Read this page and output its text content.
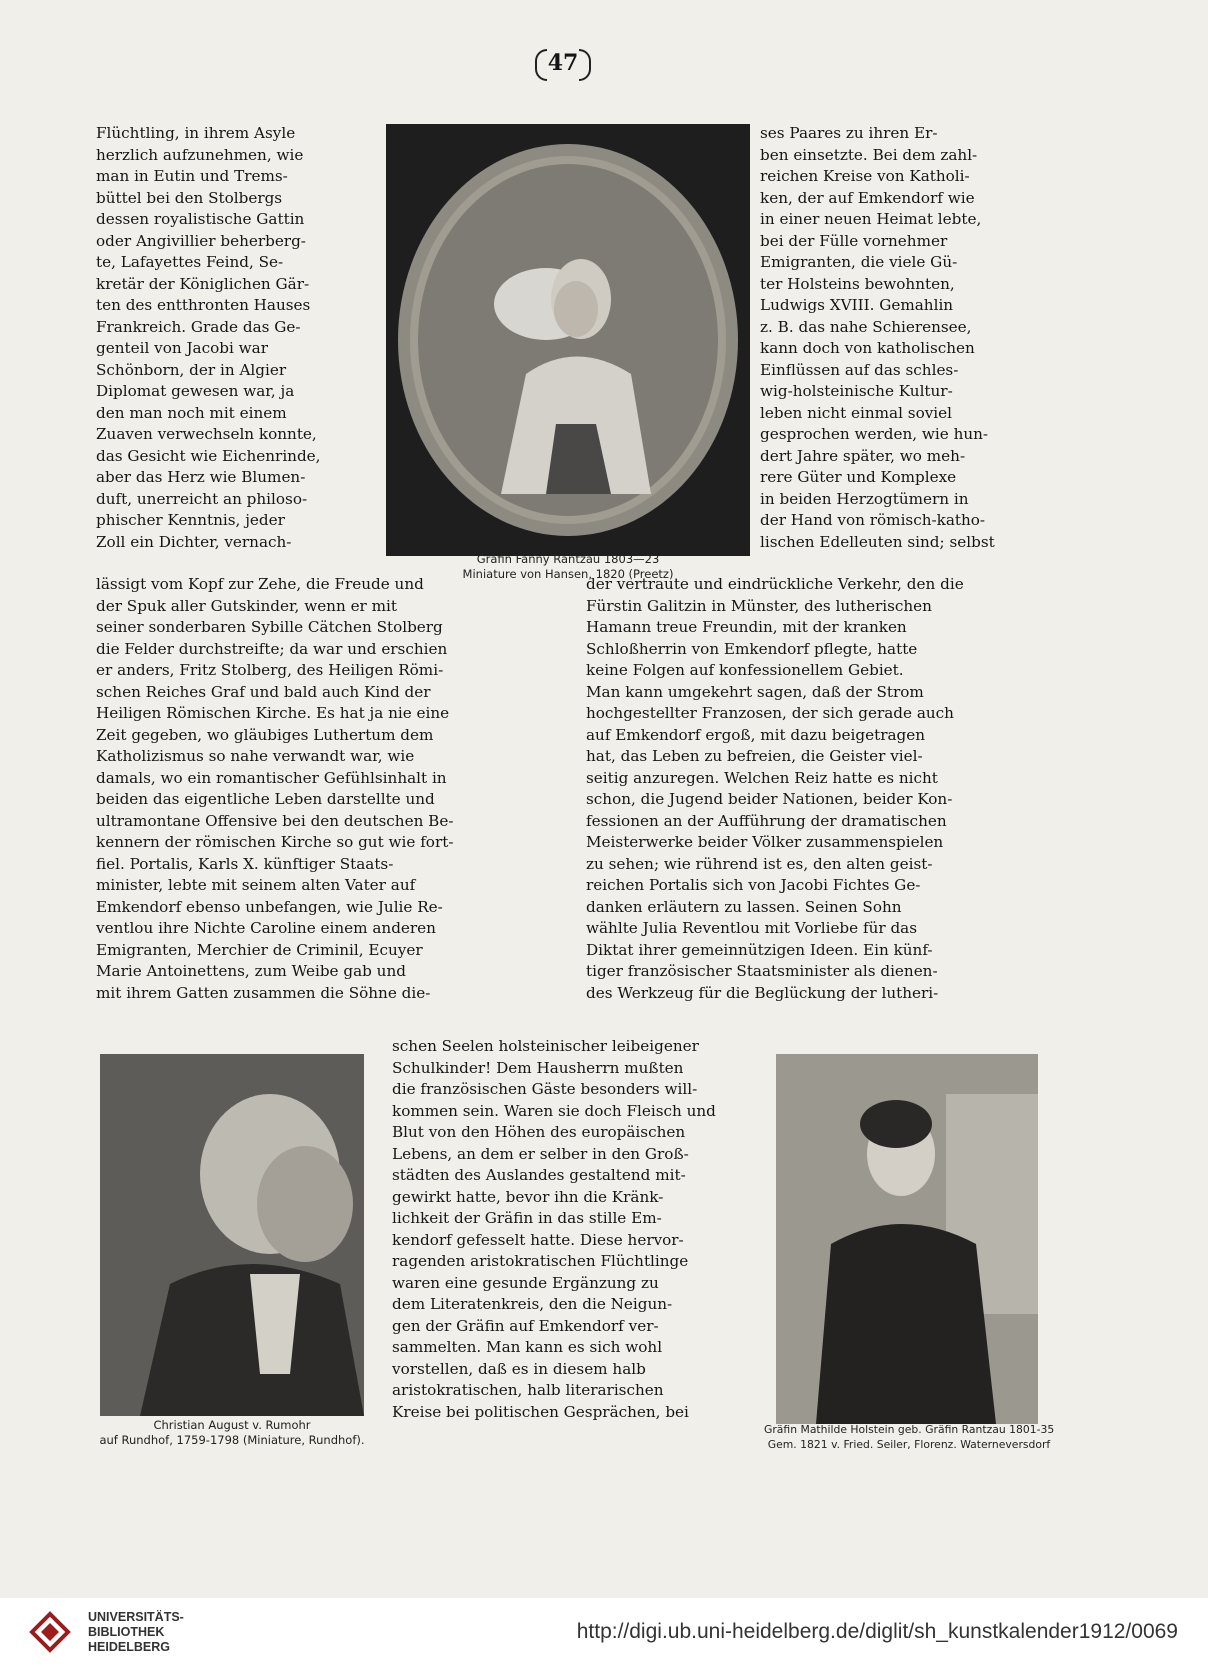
47
Gräfin Fanny Rantzau 1803—23
Miniature von Hansen, 1820 (Preetz)
Flüchtling, in ihrem Asyle
herzlich aufzunehmen, wie
man in Eutin und Trems-
büttel bei den Stolbergs
dessen royalistische Gattin
oder Angivillier beherberg-
te, Lafayettes Feind, Se-
kretär der Königlichen Gär-
ten des entthronten Hauses
Frankreich. Grade das Ge-
genteil von Jacobi war
Schönborn, der in Algier
Diplomat gewesen war, ja
den man noch mit einem
Zuaven verwechseln konnte,
das Gesicht wie Eichenrinde,
aber das Herz wie Blumen-
duft, unerreicht an philoso-
phischer Kenntnis, jeder
Zoll ein Dichter, vernach-
ses Paares zu ihren Er-
ben einsetzte. Bei dem zahl-
reichen Kreise von Katholi-
ken, der auf Emkendorf wie
in einer neuen Heimat lebte,
bei der Fülle vornehmer
Emigranten, die viele Gü-
ter Holsteins bewohnten,
Ludwigs XVIII. Gemahlin
z. B. das nahe Schierensee,
kann doch von katholischen
Einflüssen auf das schles-
wig-holsteinische Kultur-
leben nicht einmal soviel
gesprochen werden, wie hun-
dert Jahre später, wo meh-
rere Güter und Komplexe
in beiden Herzogtümern in
der Hand von römisch-katho-
lischen Edelleuten sind; selbst
lässigt vom Kopf zur Zehe, die Freude und
der Spuk aller Gutskinder, wenn er mit
seiner sonderbaren Sybille Cätchen Stolberg
die Felder durchstreifte; da war und erschien
er anders, Fritz Stolberg, des Heiligen Römi-
schen Reiches Graf und bald auch Kind der
Heiligen Römischen Kirche. Es hat ja nie eine
Zeit gegeben, wo gläubiges Luthertum dem
Katholizismus so nahe verwandt war, wie
damals, wo ein romantischer Gefühlsinhalt in
beiden das eigentliche Leben darstellte und
ultramontane Offensive bei den deutschen Be-
kennern der römischen Kirche so gut wie fort-
fiel. Portalis, Karls X. künftiger Staats-
minister, lebte mit seinem alten Vater auf
Emkendorf ebenso unbefangen, wie Julie Re-
ventlou ihre Nichte Caroline einem anderen
Emigranten, Merchier de Criminil, Ecuyer
Marie Antoinettens, zum Weibe gab und
mit ihrem Gatten zusammen die Söhne die-
der vertraute und eindrückliche Verkehr, den die
Fürstin Galitzin in Münster, des lutherischen
Hamann treue Freundin, mit der kranken
Schloßherrin von Emkendorf pflegte, hatte
keine Folgen auf konfessionellem Gebiet.
Man kann umgekehrt sagen, daß der Strom
hochgestellter Franzosen, der sich gerade auch
auf Emkendorf ergoß, mit dazu beigetragen
hat, das Leben zu befreien, die Geister viel-
seitig anzuregen. Welchen Reiz hatte es nicht
schon, die Jugend beider Nationen, beider Kon-
fessionen an der Aufführung der dramatischen
Meisterwerke beider Völker zusammenspielen
zu sehen; wie rührend ist es, den alten geist-
reichen Portalis sich von Jacobi Fichtes Ge-
danken erläutern zu lassen. Seinen Sohn
wählte Julia Reventlou mit Vorliebe für das
Diktat ihrer gemeinnützigen Ideen. Ein künf-
tiger französischer Staatsminister als dienen-
des Werkzeug für die Beglückung der lutheri-
Christian August v. Rumohr
auf Rundhof, 1759-1798 (Miniature, Rundhof).
schen Seelen holsteinischer leibeigener
Schulkinder! Dem Hausherrn mußten
die französischen Gäste besonders will-
kommen sein. Waren sie doch Fleisch und
Blut von den Höhen des europäischen
Lebens, an dem er selber in den Groß-
städten des Auslandes gestaltend mit-
gewirkt hatte, bevor ihn die Kränk-
lichkeit der Gräfin in das stille Em-
kendorf gefesselt hatte. Diese hervor-
ragenden aristokratischen Flüchtlinge
waren eine gesunde Ergänzung zu
dem Literatenkreis, den die Neigun-
gen der Gräfin auf Emkendorf ver-
sammelten. Man kann es sich wohl
vorstellen, daß es in diesem halb
aristokratischen, halb literarischen
Kreise bei politischen Gesprächen, bei
Gräfin Mathilde Holstein geb. Gräfin Rantzau 1801-35
Gem. 1821 v. Fried. Seiler, Florenz. Waterneversdorf
UNIVERSITÄTS-
BIBLIOTHEK
HEIDELBERG
http://digi.ub.uni-heidelberg.de/diglit/sh_kunstkalender1912/0069
